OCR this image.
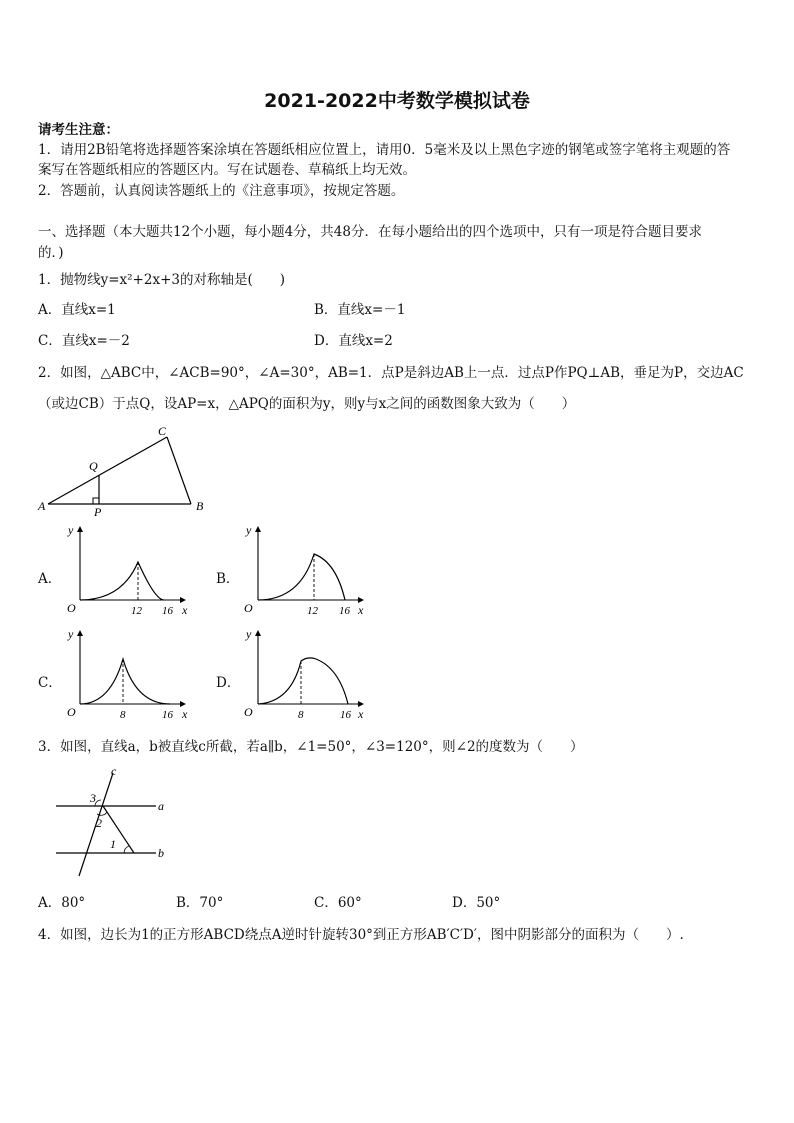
2021-2022中考数学模拟试卷
请考生注意：
1．请用2B铅笔将选择题答案涂填在答题纸相应位置上，请用0．5毫米及以上黑色字迹的钢笔或签字笔将主观题的答
案写在答题纸相应的答题区内。写在试题卷、草稿纸上均无效。
2．答题前，认真阅读答题纸上的《注意事项》，按规定答题。
一、选择题（本大题共12个小题，每小题4分，共48分．在每小题给出的四个选项中，只有一项是符合题目要求
的．)
1．抛物线y=x²+2x+3的对称轴是(　　)
A．直线x=1	B．直线x=－1
C．直线x=－2	D．直线x=2
2．如图，△ABC中，∠ACB=90°，∠A=30°，AB=1．点P是斜边AB上一点．过点P作PQ⊥AB，垂足为P，交边AC
（或边CB）于点Q，设AP=x，△APQ的面积为y，则y与x之间的函数图象大致为（　　）
A	B
C
Q
P
A．
y
O	x
12 16
B．
y
O	x
12 16
C．
y
O	x
8	16
D．
y
O	x
8	16
3．如图，直线a，b被直线c所截，若a∥b，∠1=50°，∠3=120°，则∠2的度数为（　　）
c
a
b
3
2
1
A．80°	B．70°	C．60°	D．50°
4．如图，边长为1的正方形ABCD绕点A逆时针旋转30°到正方形AB′C′D′，图中阴影部分的面积为（　　）.
